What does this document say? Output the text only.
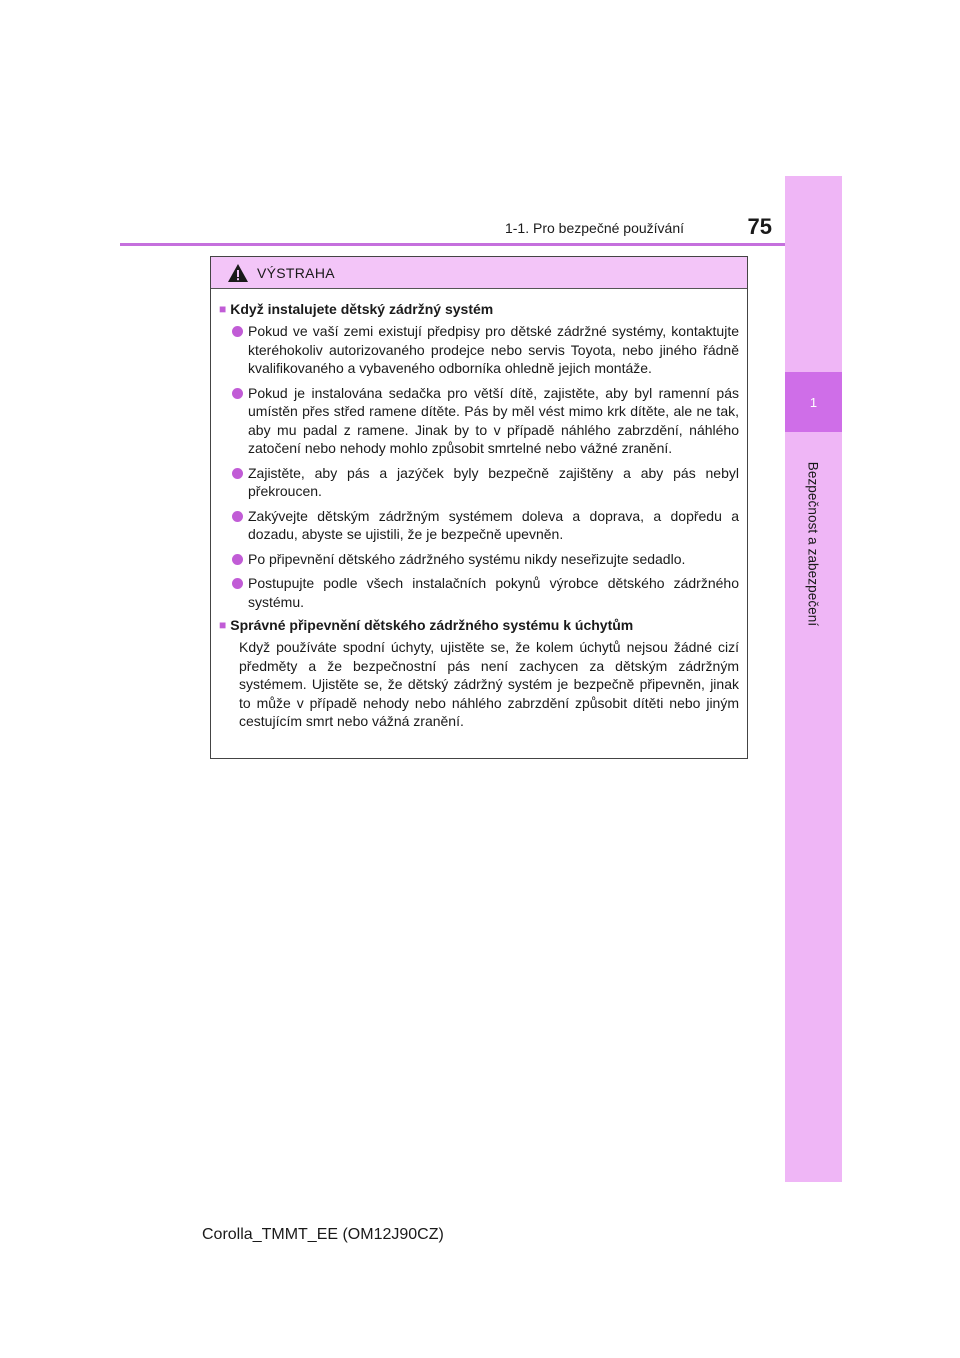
1
Bezpečnost a zabezpečení
1-1. Pro bezpečné používání	75
VÝSTRAHA
■ Když instalujete dětský zádržný systém
Pokud ve vaší zemi existují předpisy pro dětské zádržné systémy, kontaktujte kteréhokoliv autorizovaného prodejce nebo servis Toyota, nebo jiného řádně kvalifikovaného a vybaveného odborníka ohledně jejich montáže.
Pokud je instalována sedačka pro větší dítě, zajistěte, aby byl ramenní pás umístěn přes střed ramene dítěte. Pás by měl vést mimo krk dítěte, ale ne tak, aby mu padal z ramene. Jinak by to v případě náhlého zabrzdění, náhlého zatočení nebo nehody mohlo způsobit smrtelné nebo vážné zranění.
Zajistěte, aby pás a jazýček byly bezpečně zajištěny a aby pás nebyl překroucen.
Zakývejte dětským zádržným systémem doleva a doprava, a dopředu a dozadu, abyste se ujistili, že je bezpečně upevněn.
Po připevnění dětského zádržného systému nikdy neseřizujte sedadlo.
Postupujte podle všech instalačních pokynů výrobce dětského zádržného systému.
■ Správné připevnění dětského zádržného systému k úchytům
Když používáte spodní úchyty, ujistěte se, že kolem úchytů nejsou žádné cizí předměty a že bezpečnostní pás není zachycen za dětským zádržným systémem. Ujistěte se, že dětský zádržný systém je bezpečně připevněn, jinak to může v případě nehody nebo náhlého zabrzdění způsobit dítěti nebo jiným cestujícím smrt nebo vážná zranění.
Corolla_TMMT_EE (OM12J90CZ)
